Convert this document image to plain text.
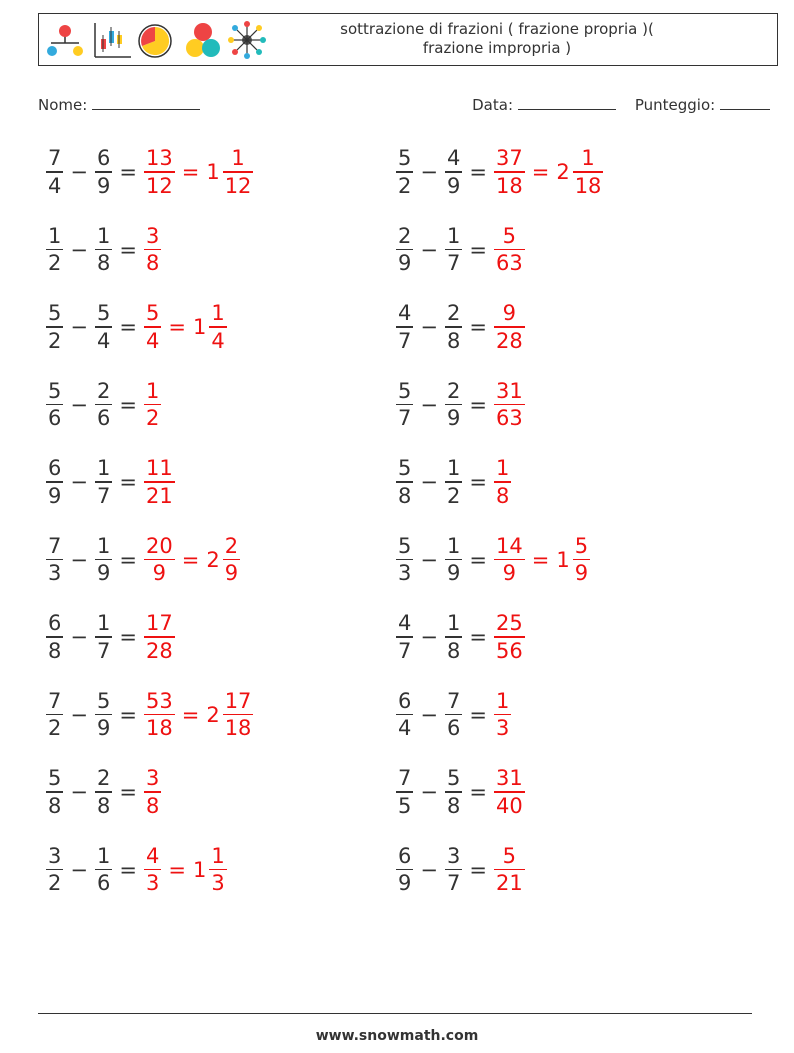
sottrazione di frazioni ( frazione propria )(
frazione impropria )
Nome:	Data:	Punteggio:
$\frac{7}{4} - \frac{6}{9} = \frac{13}{12} = 1 \frac{1}{12}$	$\frac{5}{2} - \frac{4}{9} = \frac{37}{18} = 2 \frac{1}{18}$
$\frac{1}{2} - \frac{1}{8} = \frac{3}{8}$	$\frac{2}{9} - \frac{1}{7} = \frac{5}{63}$
$\frac{5}{2} - \frac{5}{4} = \frac{5}{4} = 1 \frac{1}{4}$	$\frac{4}{7} - \frac{2}{8} = \frac{9}{28}$
$\frac{5}{6} - \frac{2}{6} = \frac{1}{2}$	$\frac{5}{7} - \frac{2}{9} = \frac{31}{63}$
$\frac{6}{9} - \frac{1}{7} = \frac{11}{21}$	$\frac{5}{8} - \frac{1}{2} = \frac{1}{8}$
$\frac{7}{3} - \frac{1}{9} = \frac{20}{9} = 2 \frac{2}{9}$	$\frac{5}{3} - \frac{1}{9} = \frac{14}{9} = 1 \frac{5}{9}$
$\frac{6}{8} - \frac{1}{7} = \frac{17}{28}$	$\frac{4}{7} - \frac{1}{8} = \frac{25}{56}$
$\frac{7}{2} - \frac{5}{9} = \frac{53}{18} = 2 \frac{17}{18}$	$\frac{6}{4} - \frac{7}{6} = \frac{1}{3}$
$\frac{5}{8} - \frac{2}{8} = \frac{3}{8}$	$\frac{7}{5} - \frac{5}{8} = \frac{31}{40}$
$\frac{3}{2} - \frac{1}{6} = \frac{4}{3} = 1 \frac{1}{3}$	$\frac{6}{9} - \frac{3}{7} = \frac{5}{21}$
www.snowmath.com
